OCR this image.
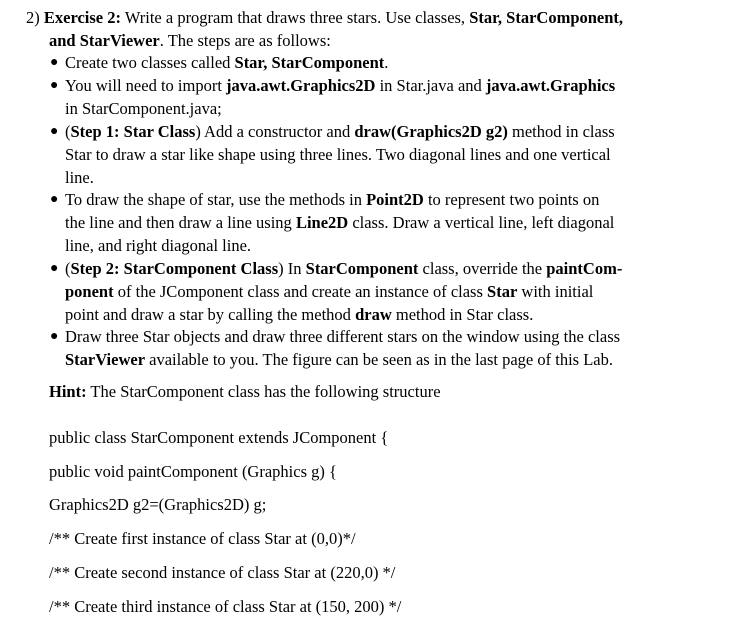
2) Exercise 2: Write a program that draws three stars. Use classes, Star, StarComponent,
and StarViewer. The steps are as follows:
● Create two classes called Star, StarComponent.
● You will need to import java.awt.Graphics2D in Star.java and java.awt.Graphics
in StarComponent.java;
● (Step 1: Star Class) Add a constructor and draw(Graphics2D g2) method in class
Star to draw a star like shape using three lines. Two diagonal lines and one vertical
line.
● To draw the shape of star, use the methods in Point2D to represent two points on
the line and then draw a line using Line2D class. Draw a vertical line, left diagonal
line, and right diagonal line.
● (Step 2: StarComponent Class) In StarComponent class, override the paintCom-
ponent of the JComponent class and create an instance of class Star with initial
point and draw a star by calling the method draw method in Star class.
● Draw three Star objects and draw three different stars on the window using the class
StarViewer available to you. The figure can be seen as in the last page of this Lab.
Hint: The StarComponent class has the following structure
public class StarComponent extends JComponent {
public void paintComponent (Graphics g) {
Graphics2D g2=(Graphics2D) g;
/** Create first instance of class Star at (0,0)*/
/** Create second instance of class Star at (220,0) */
/** Create third instance of class Star at (150, 200) */
